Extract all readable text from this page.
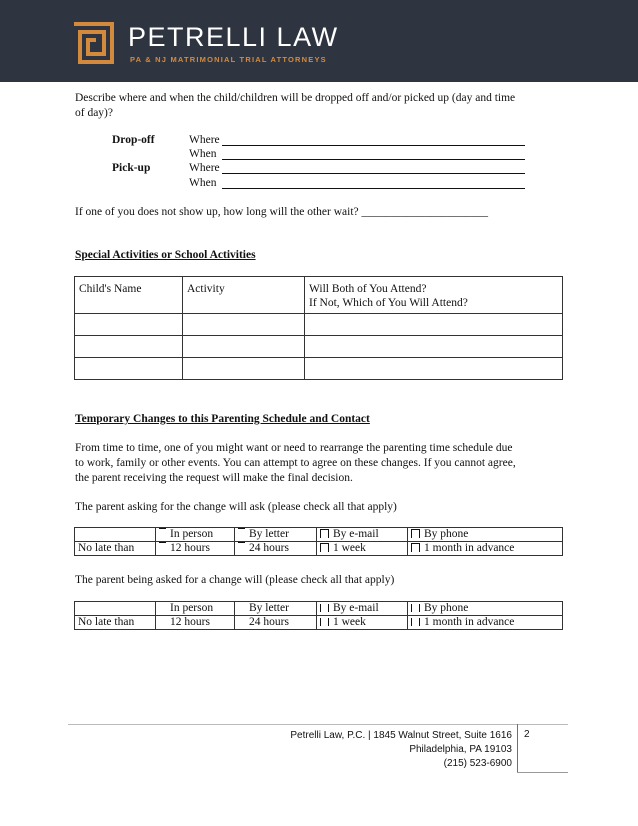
PETRELLI LAW
PA & NJ MATRIMONIAL TRIAL ATTORNEYS
Describe where and when the child/children will be dropped off and/or picked up (day and time
of day)?
Drop-off	Where
When
Pick-up	Where
When
If one of you does not show up, how long will the other wait? ______________________
Special Activities or School Activities
Child's Name	Activity	Will Both of You Attend?
If Not, Which of You Will Attend?

Temporary Changes to this Parenting Schedule and Contact
From time to time, one of you might want or need to rearrange the parenting time schedule due
to work, family or other events. You can attempt to agree on these changes. If you cannot agree,
the parent receiving the request will make the final decision.
The parent asking for the change will ask (please check all that apply)
	In person	By letter	By e-mail	By phone
No late than	12 hours	24 hours	1 week	1 month in advance
The parent being asked for a change will (please check all that apply)
	In person	By letter	By e-mail	By phone
No late than	12 hours	24 hours	1 week	1 month in advance
Petrelli Law, P.C. | 1845 Walnut Street, Suite 1616
Philadelphia, PA 19103
(215) 523-6900
2
